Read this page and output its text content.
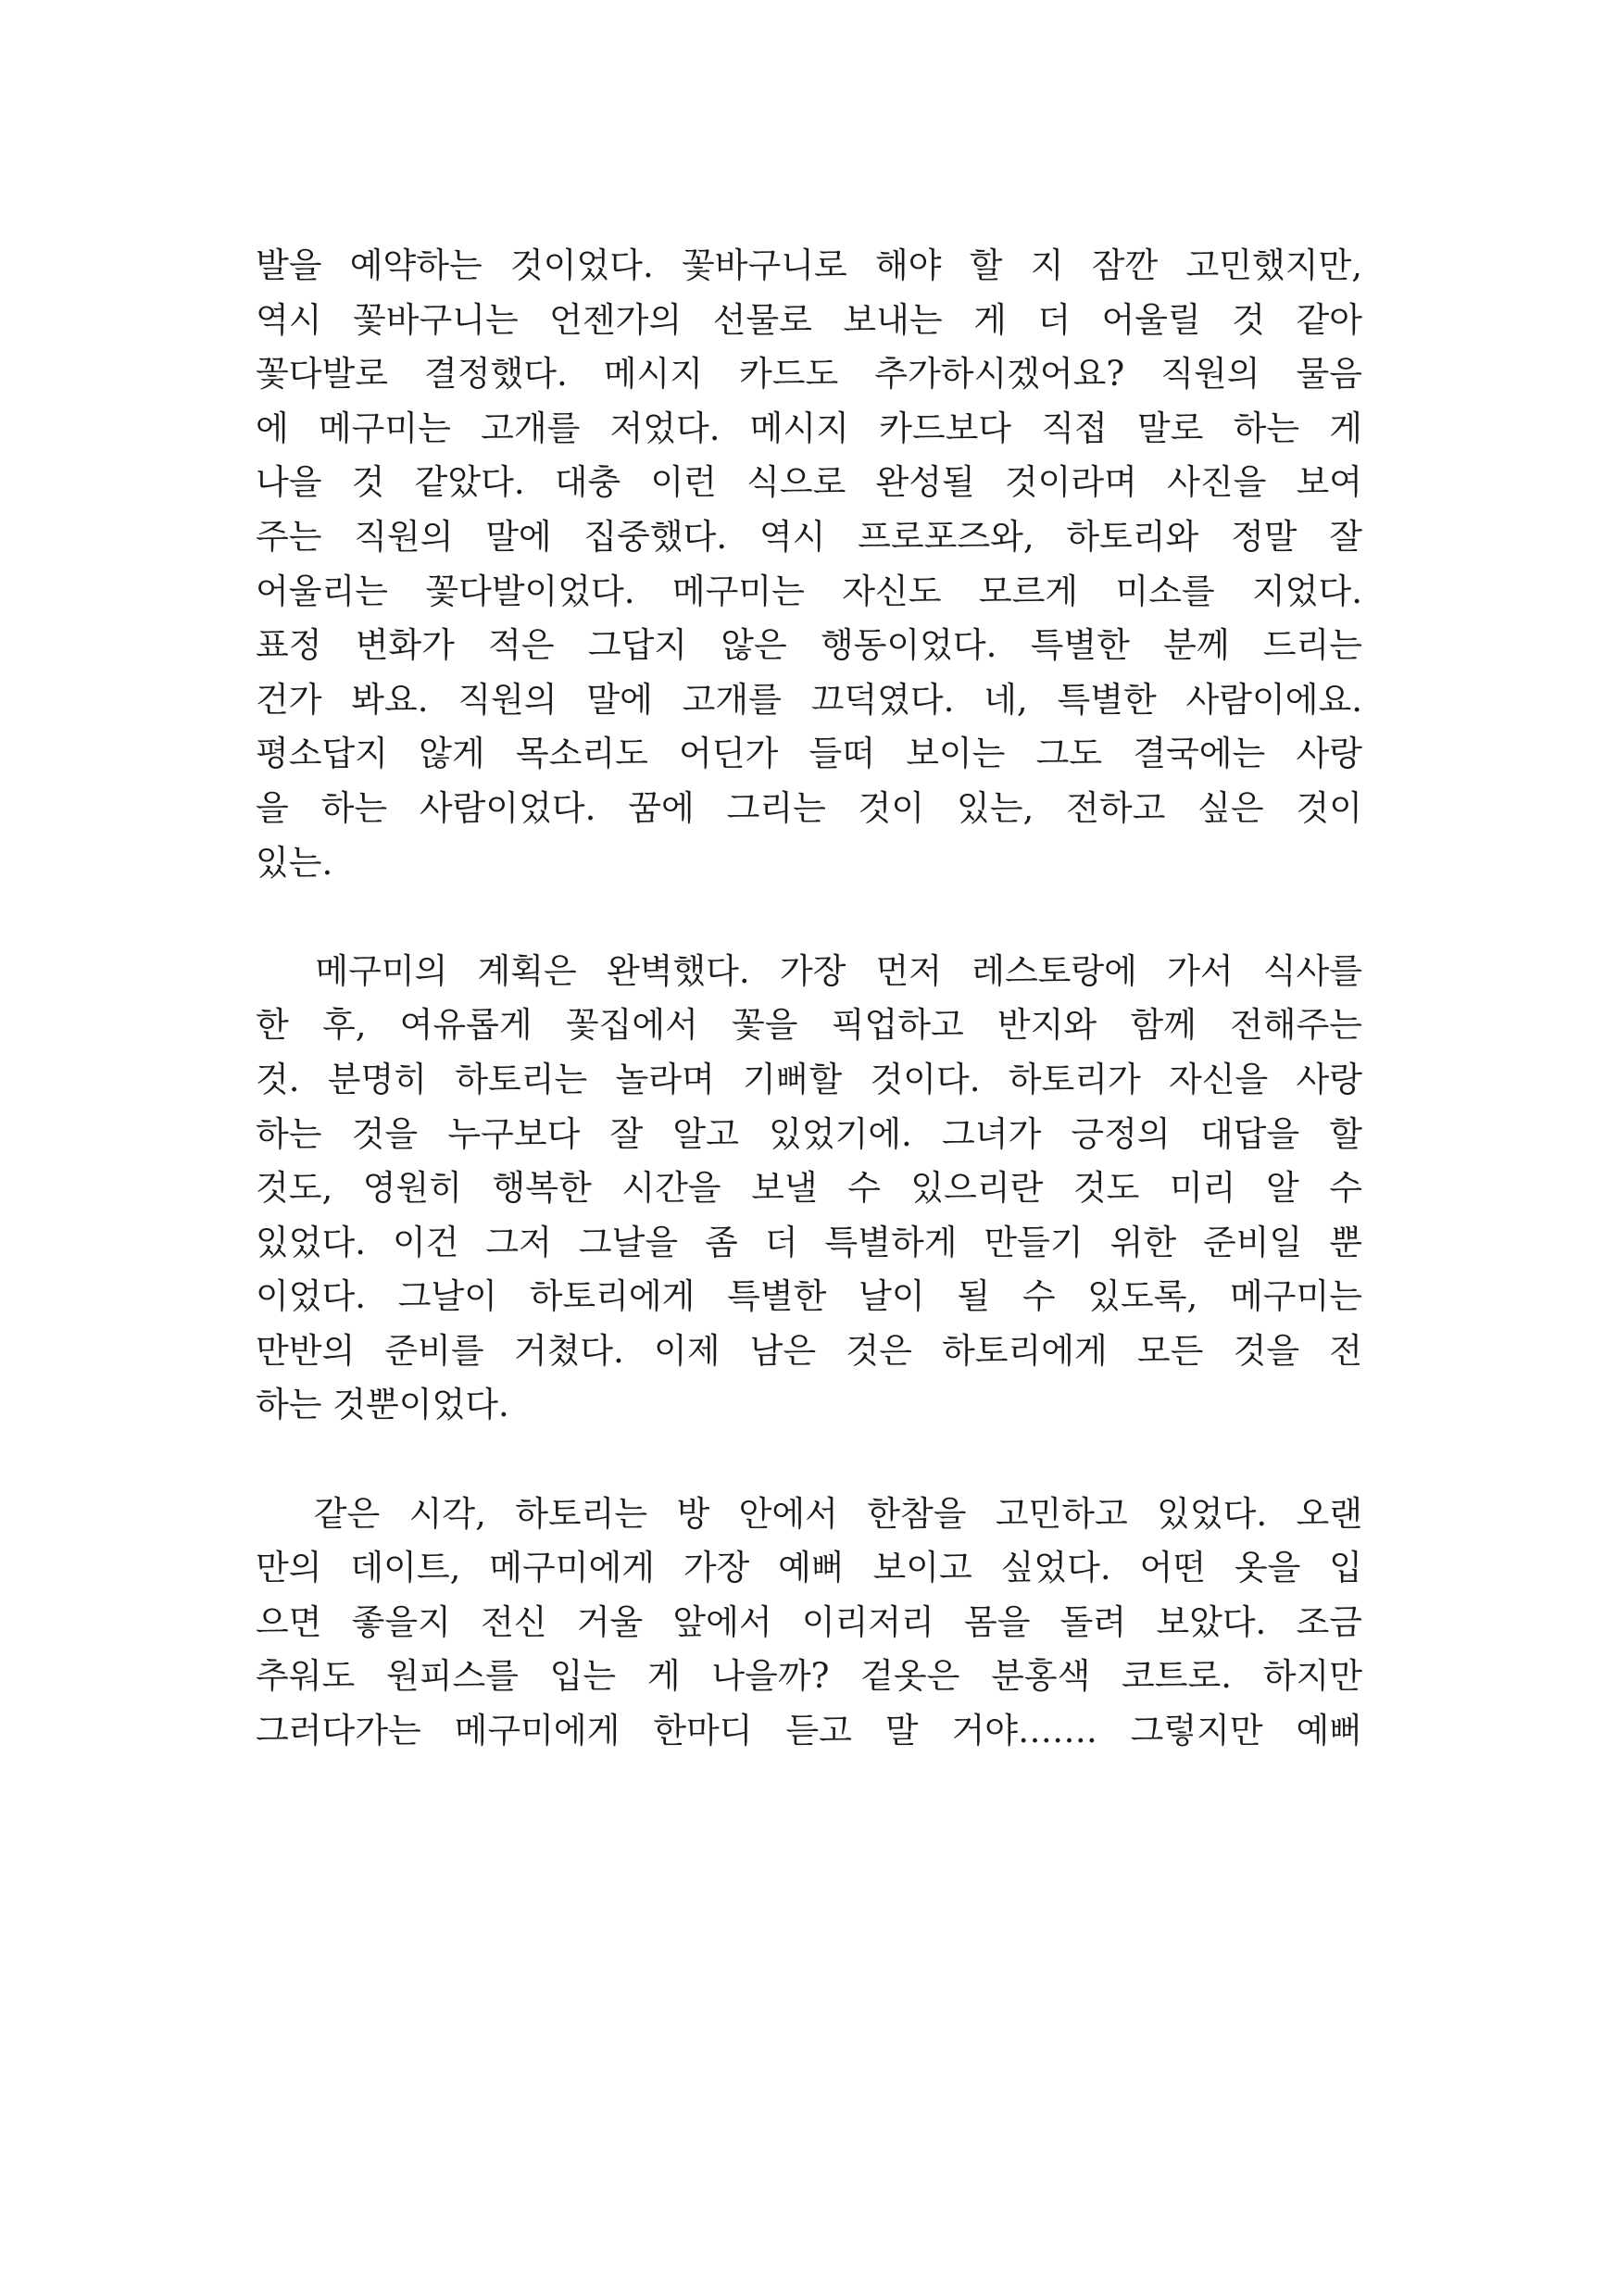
발을 예약하는 것이었다. 꽃바구니로 해야 할 지 잠깐 고민했지만,
역시 꽃바구니는 언젠가의 선물로 보내는 게 더 어울릴 것 같아
꽃다발로 결정했다. 메시지 카드도 추가하시겠어요? 직원의 물음
에 메구미는 고개를 저었다. 메시지 카드보다 직접 말로 하는 게
나을 것 같았다. 대충 이런 식으로 완성될 것이라며 사진을 보여
주는 직원의 말에 집중했다. 역시 프로포즈와, 하토리와 정말 잘
어울리는 꽃다발이었다. 메구미는 자신도 모르게 미소를 지었다.
표정 변화가 적은 그답지 않은 행동이었다. 특별한 분께 드리는
건가 봐요. 직원의 말에 고개를 끄덕였다. 네, 특별한 사람이에요.
평소답지 않게 목소리도 어딘가 들떠 보이는 그도 결국에는 사랑
을 하는 사람이었다. 꿈에 그리는 것이 있는, 전하고 싶은 것이
있는.
메구미의 계획은 완벽했다. 가장 먼저 레스토랑에 가서 식사를
한 후, 여유롭게 꽃집에서 꽃을 픽업하고 반지와 함께 전해주는
것. 분명히 하토리는 놀라며 기뻐할 것이다. 하토리가 자신을 사랑
하는 것을 누구보다 잘 알고 있었기에. 그녀가 긍정의 대답을 할
것도, 영원히 행복한 시간을 보낼 수 있으리란 것도 미리 알 수
있었다. 이건 그저 그날을 좀 더 특별하게 만들기 위한 준비일 뿐
이었다. 그날이 하토리에게 특별한 날이 될 수 있도록, 메구미는
만반의 준비를 거쳤다. 이제 남은 것은 하토리에게 모든 것을 전
하는 것뿐이었다.
같은 시각, 하토리는 방 안에서 한참을 고민하고 있었다. 오랜
만의 데이트, 메구미에게 가장 예뻐 보이고 싶었다. 어떤 옷을 입
으면 좋을지 전신 거울 앞에서 이리저리 몸을 돌려 보았다. 조금
추워도 원피스를 입는 게 나을까? 겉옷은 분홍색 코트로. 하지만
그러다가는 메구미에게 한마디 듣고 말 거야……. 그렇지만 예뻐
